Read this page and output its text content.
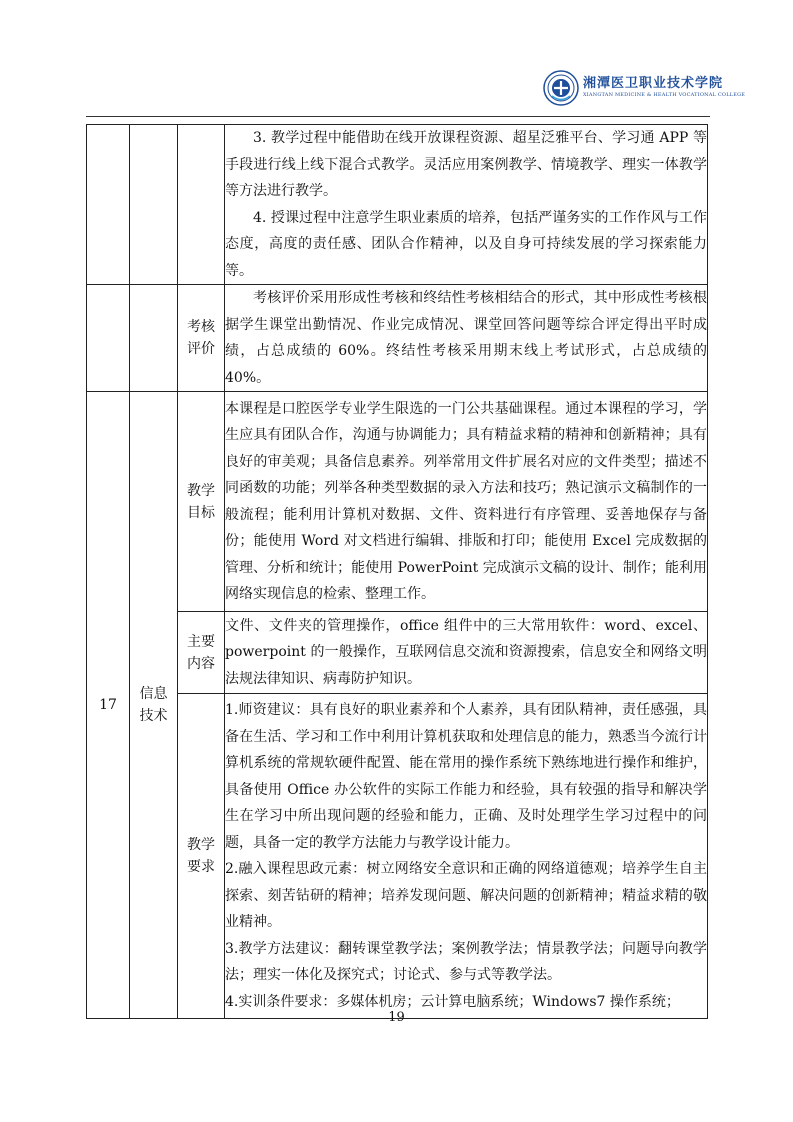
湘潭医卫职业技术学院
XIANGTAN MEDICINE & HEALTH VOCATIONAL COLLEGE

			3. 教学过程中能借助在线开放课程资源、超星泛雅平台、学习通 APP 等手段进行线上线下混合式教学。灵活应用案例教学、情境教学、理实一体教学等方法进行教学。

4. 授课过程中注意学生职业素质的培养，包括严谨务实的工作作风与工作态度，高度的责任感、团队合作精神，以及自身可持续发展的学习探索能力等。

		考核评价	考核评价采用形成性考核和终结性考核相结合的形式，其中形成性考核根据学生课堂出勤情况、作业完成情况、课堂回答问题等综合评定得出平时成绩，占总成绩的 60%。终结性考核采用期末线上考试形式，占总成绩的 40%。

17	信息技术	教学目标	本课程是口腔医学专业学生限选的一门公共基础课程。通过本课程的学习，学生应具有团队合作，沟通与协调能力；具有精益求精的精神和创新精神；具有良好的审美观；具备信息素养。列举常用文件扩展名对应的文件类型；描述不同函数的功能；列举各种类型数据的录入方法和技巧；熟记演示文稿制作的一般流程；能利用计算机对数据、文件、资料进行有序管理、妥善地保存与备份；能使用 Word 对文档进行编辑、排版和打印；能使用 Excel 完成数据的管理、分析和统计；能使用 PowerPoint 完成演示文稿的设计、制作；能利用网络实现信息的检索、整理工作。

		主要内容	文件、文件夹的管理操作，office 组件中的三大常用软件：word、excel、powerpoint 的一般操作，互联网信息交流和资源搜索，信息安全和网络文明法规法律知识、病毒防护知识。

		教学要求	1.师资建议：具有良好的职业素养和个人素养，具有团队精神，责任感强，具备在生活、学习和工作中利用计算机获取和处理信息的能力，熟悉当今流行计算机系统的常规软硬件配置、能在常用的操作系统下熟练地进行操作和维护，具备使用 Office 办公软件的实际工作能力和经验，具有较强的指导和解决学生在学习中所出现问题的经验和能力，正确、及时处理学生学习过程中的问题，具备一定的教学方法能力与教学设计能力。

2.融入课程思政元素：树立网络安全意识和正确的网络道德观；培养学生自主探索、刻苦钻研的精神；培养发现问题、解决问题的创新精神；精益求精的敬业精神。

3.教学方法建议：翻转课堂教学法；案例教学法；情景教学法；问题导向教学法；理实一体化及探究式；讨论式、参与式等教学法。

4.实训条件要求：多媒体机房；云计算电脑系统；Windows7 操作系统；

19
